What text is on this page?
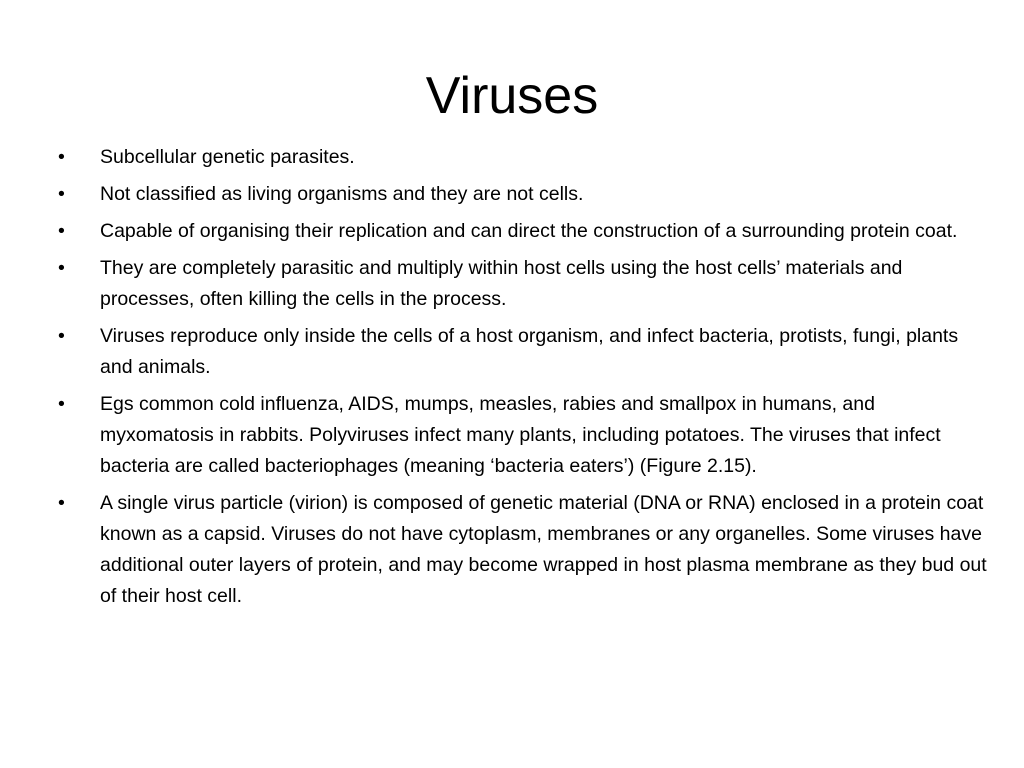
Viruses
•	Subcellular genetic parasites.
•	Not classified as living organisms and they are not cells.
•	Capable of organising their replication and can direct the construction of a surrounding protein coat.
•	They are completely parasitic and multiply within host cells using the host cells’ materials and processes, often killing the cells in the process.
•	Viruses reproduce only inside the cells of a host organism, and infect bacteria, protists, fungi, plants and animals.
•	Egs common cold influenza, AIDS, mumps, measles, rabies and smallpox in humans, and myxomatosis in rabbits. Polyviruses infect many plants, including potatoes. The viruses that infect bacteria are called bacteriophages (meaning ‘bacteria eaters’) (Figure 2.15).
•	A single virus particle (virion) is composed of genetic material (DNA or RNA) enclosed in a protein coat known as a capsid. Viruses do not have cytoplasm, membranes or any organelles. Some viruses have additional outer layers of protein, and may become wrapped in host plasma membrane as they bud out of their host cell.
